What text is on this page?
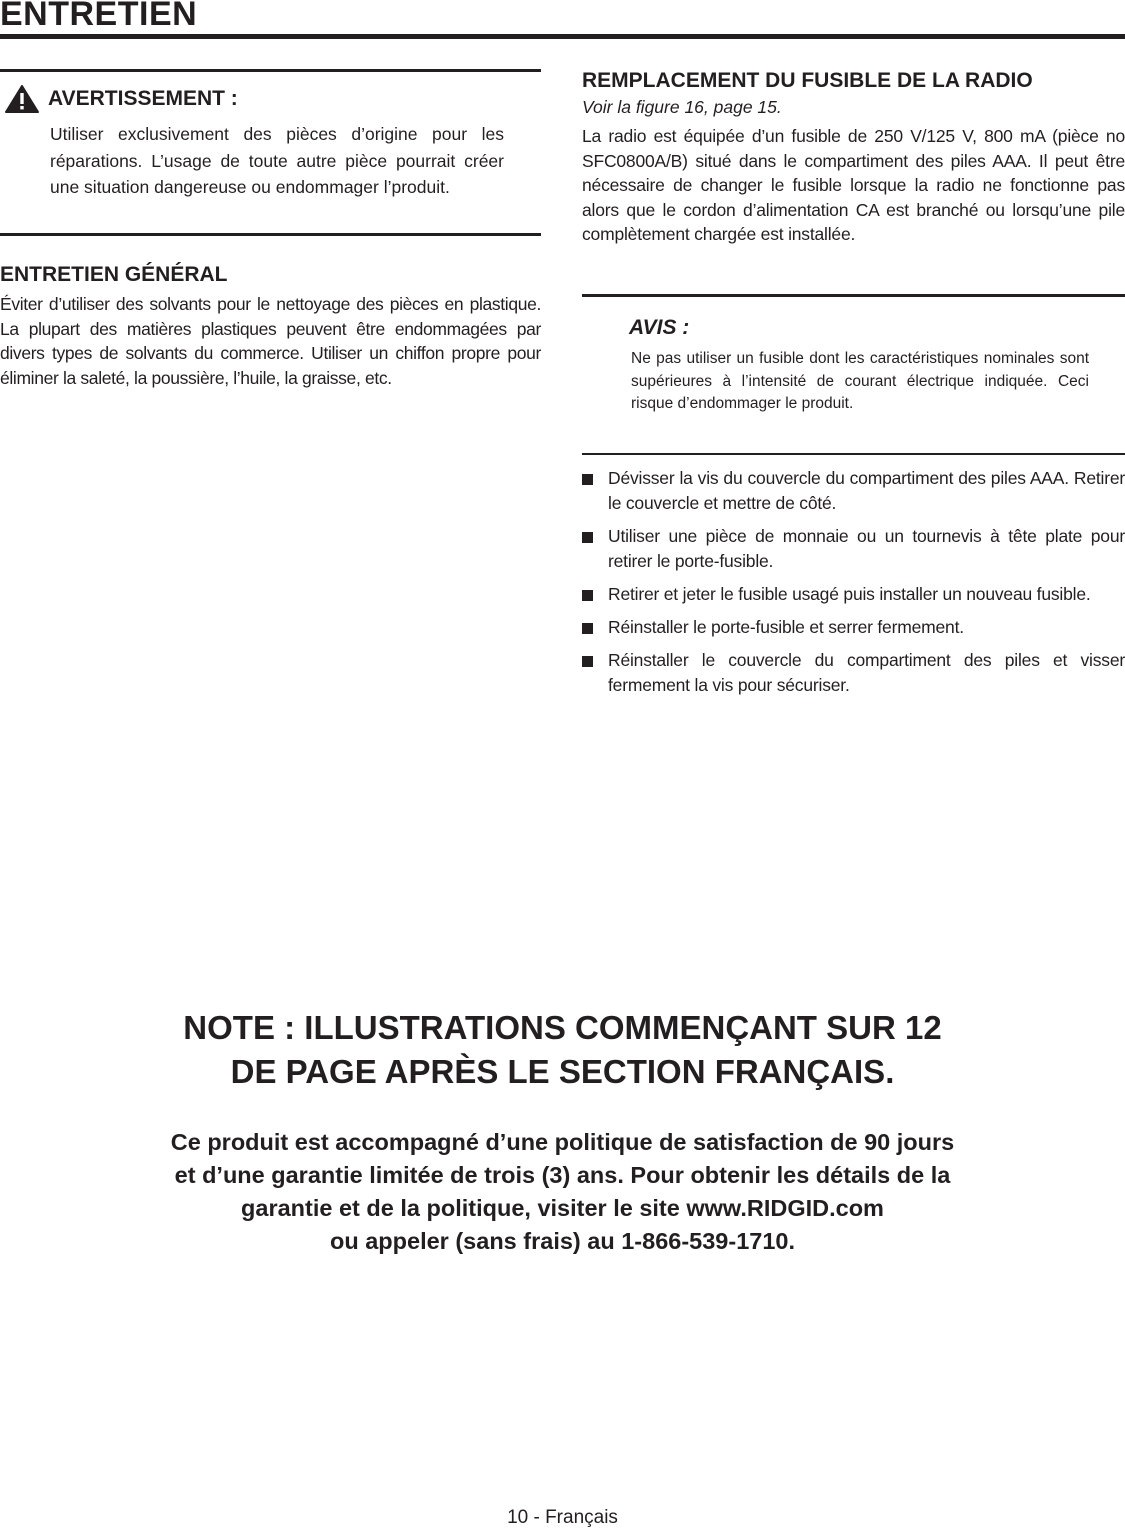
ENTRETIEN
AVERTISSEMENT :
Utiliser exclusivement des pièces d’origine pour les réparations. L’usage de toute autre pièce pourrait créer une situation dangereuse ou endommager l’produit.
ENTRETIEN GÉNÉRAL
Éviter d’utiliser des solvants pour le nettoyage des pièces en plastique. La plupart des matières plastiques peuvent être endommagées par divers types de solvants du commerce. Utiliser un chiffon propre pour éliminer la saleté, la poussière, l’huile, la graisse, etc.
REMPLACEMENT DU FUSIBLE DE LA RADIO
Voir la figure 16, page 15.
La radio est équipée d’un fusible de 250 V/125 V, 800 mA (pièce no SFC0800A/B) situé dans le compartiment des piles AAA. Il peut être nécessaire de changer le fusible lorsque la radio ne fonctionne pas alors que le cordon d’alimentation CA est branché ou lorsqu’une pile complètement chargée est installée.
AVIS :
Ne pas utiliser un fusible dont les caractéristiques nominales sont supérieures à l’intensité de courant électrique indiquée. Ceci risque d’endommager le produit.
Dévisser la vis du couvercle du compartiment des piles AAA. Retirer le couvercle et mettre de côté.
Utiliser une pièce de monnaie ou un tournevis à tête plate pour retirer le porte-fusible.
Retirer et jeter le fusible usagé puis installer un nouveau fusible.
Réinstaller le porte-fusible et serrer fermement.
Réinstaller le couvercle du compartiment des piles et visser fermement la vis pour sécuriser.
NOTE : ILLUSTRATIONS COMMENÇANT SUR 12
DE PAGE APRÈS LE SECTION FRANÇAIS.
Ce produit est accompagné d’une politique de satisfaction de 90 jours
et d’une garantie limitée de trois (3) ans. Pour obtenir les détails de la
garantie et de la politique, visiter le site www.RIDGID.com
ou appeler (sans frais) au 1-866-539-1710.
10 - Français
